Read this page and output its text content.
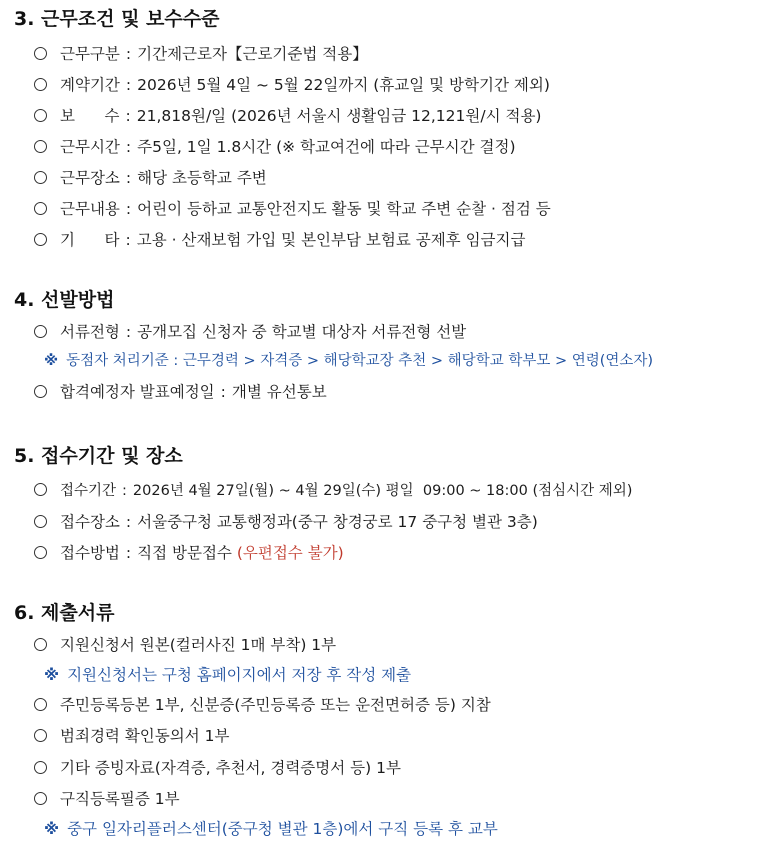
3. 근무조건 및 보수수준
근무구분 : 기간제근로자【근로기준법 적용】
계약기간 : 2026년 5월 4일 ~ 5월 22일까지 (휴교일 및 방학기간 제외)
보      수 : 21,818원/일 (2026년 서울시 생활임금 12,121원/시 적용)
근무시간 : 주5일, 1일 1.8시간 (※ 학교여건에 따라 근무시간 결정)
근무장소 : 해당 초등학교 주변
근무내용 : 어린이 등하교 교통안전지도 활동 및 학교 주변 순찰 · 점검 등
기      타 : 고용 · 산재보험 가입 및 본인부담 보험료 공제후 임금지급
4. 선발방법
서류전형 : 공개모집 신청자 중 학교별 대상자 서류전형 선발
※ 동점자 처리기준 : 근무경력 > 자격증 > 해당학교장 추천 > 해당학교 학부모 > 연령(연소자)
합격예정자 발표예정일 : 개별 유선통보
5. 접수기간 및 장소
접수기간 : 2026년 4월 27일(월) ~ 4월 29일(수) 평일  09:00 ~ 18:00 (점심시간 제외)
접수장소 : 서울중구청 교통행정과(중구 창경궁로 17 중구청 별관 3층)
접수방법 : 직접 방문접수 (우편접수 불가)
6. 제출서류
지원신청서 원본(컬러사진 1매 부착) 1부
※ 지원신청서는 구청 홈페이지에서 저장 후 작성 제출
주민등록등본 1부, 신분증(주민등록증 또는 운전면허증 등) 지참
범죄경력 확인동의서 1부
기타 증빙자료(자격증, 추천서, 경력증명서 등) 1부
구직등록필증 1부
※ 중구 일자리플러스센터(중구청 별관 1층)에서 구직 등록 후 교부
